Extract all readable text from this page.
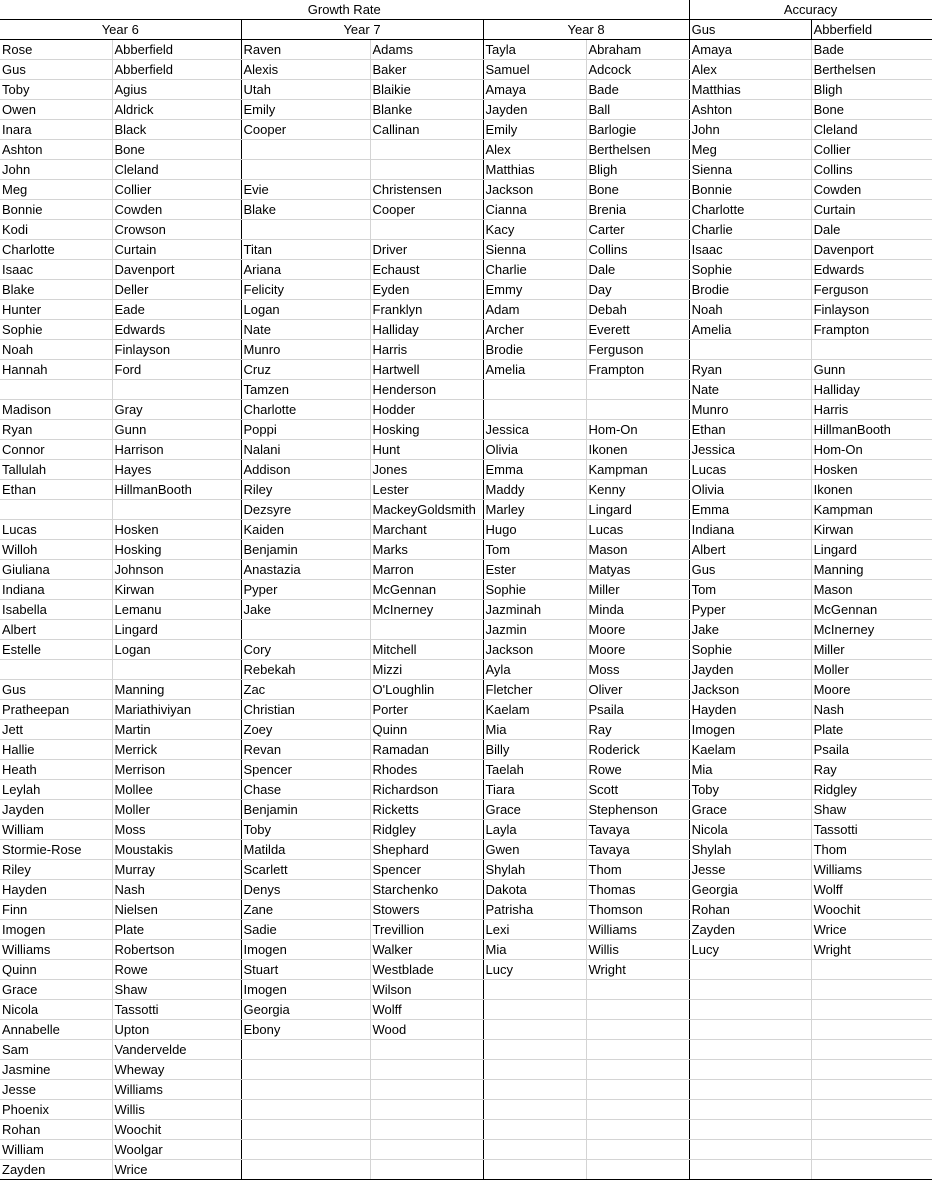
Growth Rate						Accuracy	
Year 6		Year 7		Year 8		Gus	Abberfield
Rose	Abberfield	Raven	Adams	Tayla	Abraham	Amaya	Bade
Gus	Abberfield	Alexis	Baker	Samuel	Adcock	Alex	Berthelsen
Toby	Agius	Utah	Blaikie	Amaya	Bade	Matthias	Bligh
Owen	Aldrick	Emily	Blanke	Jayden	Ball	Ashton	Bone
Inara	Black	Cooper	Callinan	Emily	Barlogie	John	Cleland
Ashton	Bone			Alex	Berthelsen	Meg	Collier
John	Cleland			Matthias	Bligh	Sienna	Collins
Meg	Collier	Evie	Christensen	Jackson	Bone	Bonnie	Cowden
Bonnie	Cowden	Blake	Cooper	Cianna	Brenia	Charlotte	Curtain
Kodi	Crowson			Kacy	Carter	Charlie	Dale
Charlotte	Curtain	Titan	Driver	Sienna	Collins	Isaac	Davenport
Isaac	Davenport	Ariana	Echaust	Charlie	Dale	Sophie	Edwards
Blake	Deller	Felicity	Eyden	Emmy	Day	Brodie	Ferguson
Hunter	Eade	Logan	Franklyn	Adam	Debah	Noah	Finlayson
Sophie	Edwards	Nate	Halliday	Archer	Everett	Amelia	Frampton
Noah	Finlayson	Munro	Harris	Brodie	Ferguson		
Hannah	Ford	Cruz	Hartwell	Amelia	Frampton	Ryan	Gunn
		Tamzen	Henderson			Nate	Halliday
Madison	Gray	Charlotte	Hodder			Munro	Harris
Ryan	Gunn	Poppi	Hosking	Jessica	Hom-On	Ethan	HillmanBooth
Connor	Harrison	Nalani	Hunt	Olivia	Ikonen	Jessica	Hom-On
Tallulah	Hayes	Addison	Jones	Emma	Kampman	Lucas	Hosken
Ethan	HillmanBooth	Riley	Lester	Maddy	Kenny	Olivia	Ikonen
		Dezsyre	MackeyGoldsmith	Marley	Lingard	Emma	Kampman
Lucas	Hosken	Kaiden	Marchant	Hugo	Lucas	Indiana	Kirwan
Willoh	Hosking	Benjamin	Marks	Tom	Mason	Albert	Lingard
Giuliana	Johnson	Anastazia	Marron	Ester	Matyas	Gus	Manning
Indiana	Kirwan	Pyper	McGennan	Sophie	Miller	Tom	Mason
Isabella	Lemanu	Jake	McInerney	Jazminah	Minda	Pyper	McGennan
Albert	Lingard			Jazmin	Moore	Jake	McInerney
Estelle	Logan	Cory	Mitchell	Jackson	Moore	Sophie	Miller
		Rebekah	Mizzi	Ayla	Moss	Jayden	Moller
Gus	Manning	Zac	O'Loughlin	Fletcher	Oliver	Jackson	Moore
Pratheepan	Mariathiviyan	Christian	Porter	Kaelam	Psaila	Hayden	Nash
Jett	Martin	Zoey	Quinn	Mia	Ray	Imogen	Plate
Hallie	Merrick	Revan	Ramadan	Billy	Roderick	Kaelam	Psaila
Heath	Merrison	Spencer	Rhodes	Taelah	Rowe	Mia	Ray
Leylah	Mollee	Chase	Richardson	Tiara	Scott	Toby	Ridgley
Jayden	Moller	Benjamin	Ricketts	Grace	Stephenson	Grace	Shaw
William	Moss	Toby	Ridgley	Layla	Tavaya	Nicola	Tassotti
Stormie-Rose	Moustakis	Matilda	Shephard	Gwen	Tavaya	Shylah	Thom
Riley	Murray	Scarlett	Spencer	Shylah	Thom	Jesse	Williams
Hayden	Nash	Denys	Starchenko	Dakota	Thomas	Georgia	Wolff
Finn	Nielsen	Zane	Stowers	Patrisha	Thomson	Rohan	Woochit
Imogen	Plate	Sadie	Trevillion	Lexi	Williams	Zayden	Wrice
Williams	Robertson	Imogen	Walker	Mia	Willis	Lucy	Wright
Quinn	Rowe	Stuart	Westblade	Lucy	Wright		
Grace	Shaw	Imogen	Wilson				
Nicola	Tassotti	Georgia	Wolff				
Annabelle	Upton	Ebony	Wood				
Sam	Vandervelde						
Jasmine	Wheway						
Jesse	Williams						
Phoenix	Willis						
Rohan	Woochit						
William	Woolgar						
Zayden	Wrice						
